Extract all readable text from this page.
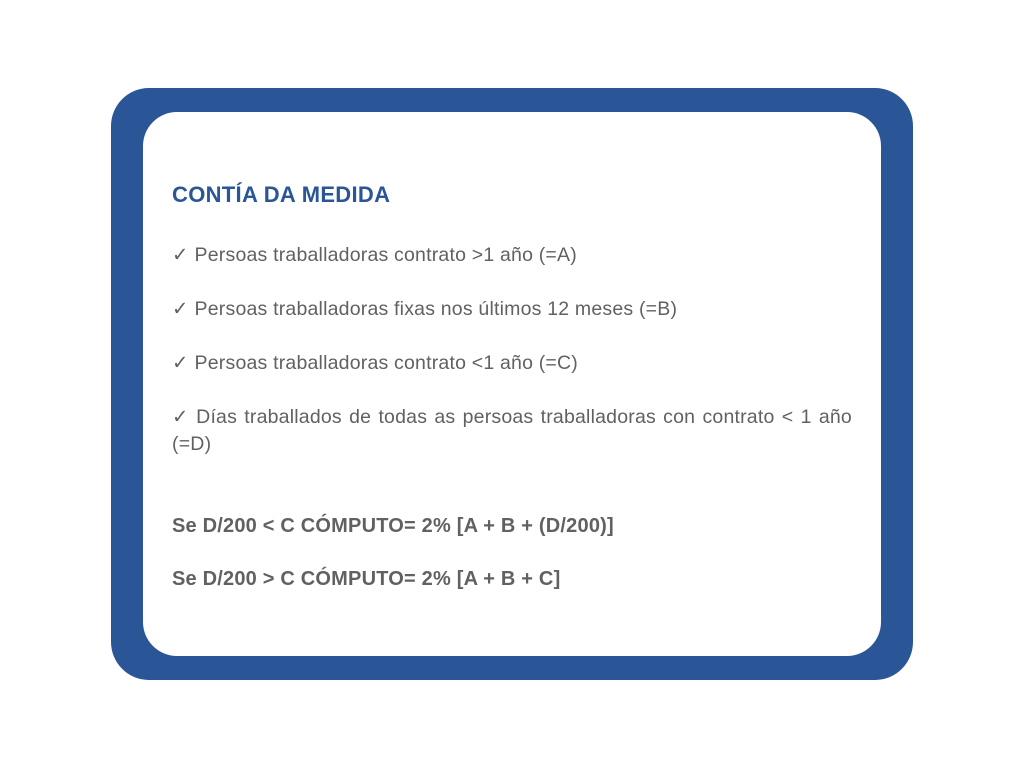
CONTÍA DA MEDIDA
✓ Persoas traballadoras contrato >1 año (=A)
✓ Persoas traballadoras fixas nos últimos 12 meses (=B)
✓ Persoas traballadoras contrato <1 año (=C)
✓ Días traballados de todas as persoas traballadoras con contrato < 1 año (=D)

Se D/200 < C CÓMPUTO= 2% [A + B + (D/200)]

Se D/200 > C CÓMPUTO= 2% [A + B + C]
